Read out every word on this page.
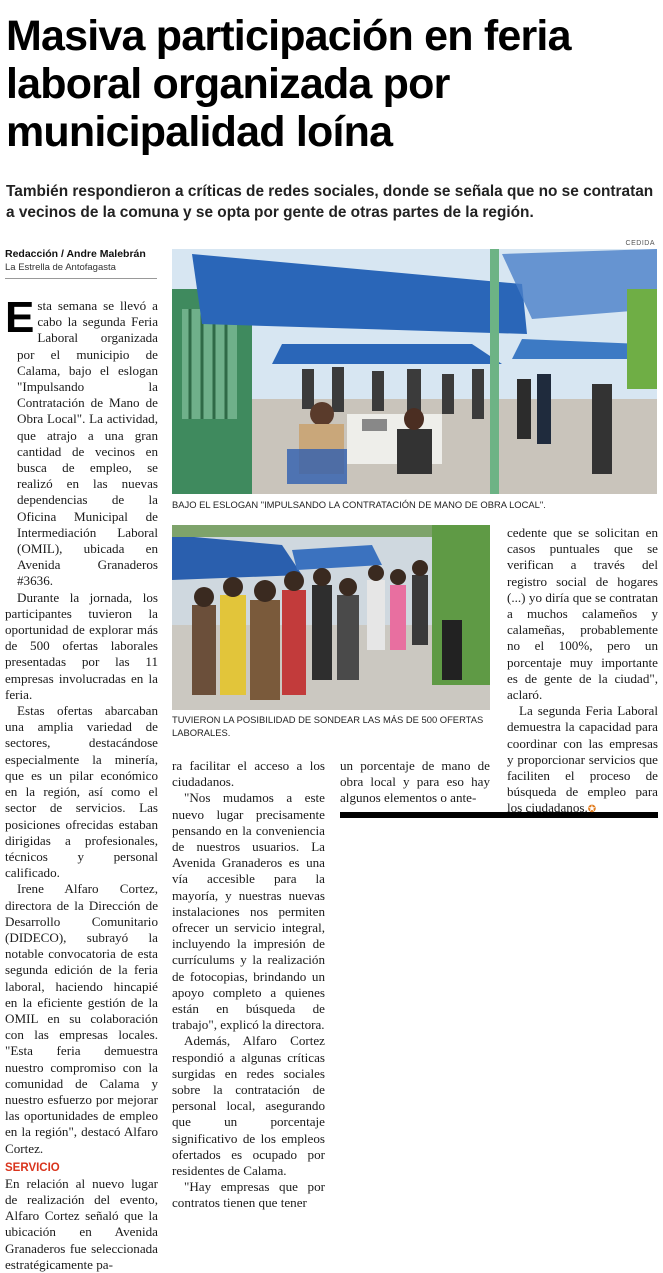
Masiva participación en feria laboral organizada por municipalidad loína
También respondieron a críticas de redes sociales, donde se señala que no se contratan a vecinos de la comuna y se opta por gente de otras partes de la región.
Redacción / Andre Malebrán
La Estrella de Antofagasta
CEDIDA
BAJO EL ESLOGAN "IMPULSANDO LA CONTRATACIÓN DE MANO DE OBRA LOCAL".
TUVIERON LA POSIBILIDAD DE SONDEAR LAS MÁS DE 500 OFERTAS LABORALES.

Esta semana se llevó a cabo la segunda Feria Laboral organizada por el municipio de Calama, bajo el eslogan "Impulsando la Contratación de Mano de Obra Local". La actividad, que atrajo a una gran cantidad de vecinos en busca de empleo, se realizó en las nuevas dependencias de la Oficina Municipal de Intermediación Laboral (OMIL), ubicada en Avenida Granaderos #3636.

Durante la jornada, los participantes tuvieron la oportunidad de explorar más de 500 ofertas laborales presentadas por las 11 empresas involucradas en la feria.

Estas ofertas abarcaban una amplia variedad de sectores, destacándose especialmente la minería, que es un pilar económico en la región, así como el sector de servicios. Las posiciones ofrecidas estaban dirigidas a profesionales, técnicos y personal calificado.

Irene Alfaro Cortez, directora de la Dirección de Desarrollo Comunitario (DIDECO), subrayó la notable convocatoria de esta segunda edición de la feria laboral, haciendo hincapié en la eficiente gestión de la OMIL en su colaboración con las empresas locales. "Esta feria demuestra nuestro compromiso con la comunidad de Calama y nuestro esfuerzo por mejorar las oportunidades de empleo en la región", destacó Alfaro Cortez.

SERVICIO

En relación al nuevo lugar de realización del evento, Alfaro Cortez señaló que la ubicación en Avenida Granaderos fue seleccionada estratégicamente pa-

ra facilitar el acceso a los ciudadanos.

"Nos mudamos a este nuevo lugar precisamente pensando en la conveniencia de nuestros usuarios. La Avenida Granaderos es una vía accesible para la mayoría, y nuestras nuevas instalaciones nos permiten ofrecer un servicio integral, incluyendo la impresión de currículums y la realización de fotocopias, brindando un apoyo completo a quienes están en búsqueda de trabajo", explicó la directora.

Además, Alfaro Cortez respondió a algunas críticas surgidas en redes sociales sobre la contratación de personal local, asegurando que un porcentaje significativo de los empleos ofertados es ocupado por residentes de Calama.

"Hay empresas que por contratos tienen que tener

un porcentaje de mano de obra local y para eso hay algunos elementos o ante-

cedente que se solicitan en casos puntuales que se verifican a través del registro social de hogares (...) yo diría que se contratan a muchos calameños y calameñas, probablemente no el 100%, pero un porcentaje muy importante es de gente de la ciudad", aclaró.

La segunda Feria Laboral demuestra la capacidad para coordinar con las empresas y proporcionar servicios que faciliten el proceso de búsqueda de empleo para los ciudadanos.✪
